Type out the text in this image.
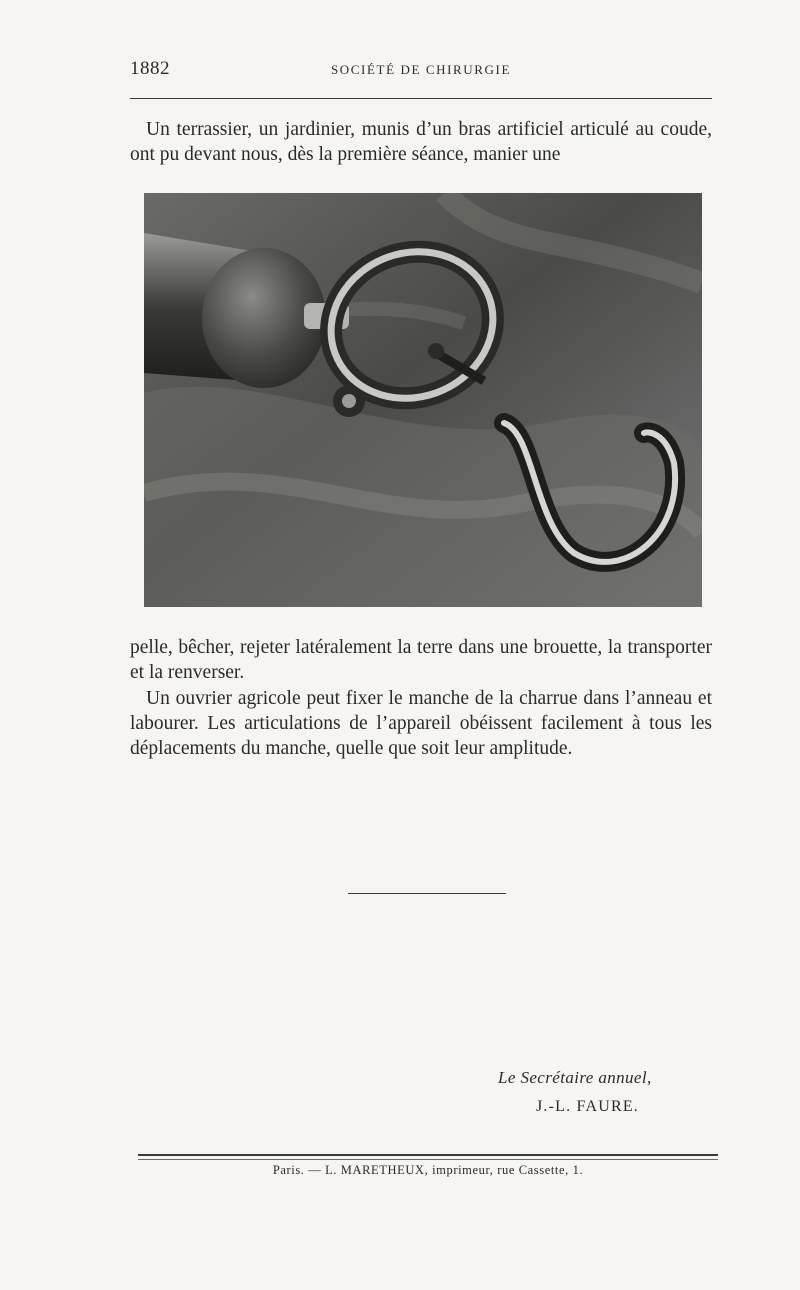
1882	SOCIÉTÉ DE CHIRURGIE

Un terrassier, un jardinier, munis d’un bras artificiel articulé au coude, ont pu devant nous, dès la première séance, manier une

pelle, bêcher, rejeter latéralement la terre dans une brouette, la transporter et la renverser.

Un ouvrier agricole peut fixer le manche de la charrue dans l’anneau et labourer. Les articulations de l’appareil obéissent facilement à tous les déplacements du manche, quelle que soit leur amplitude.

Le Secrétaire annuel,
J.-L. FAURE.
Paris. — L. MARETHEUX, imprimeur, rue Cassette, 1.
